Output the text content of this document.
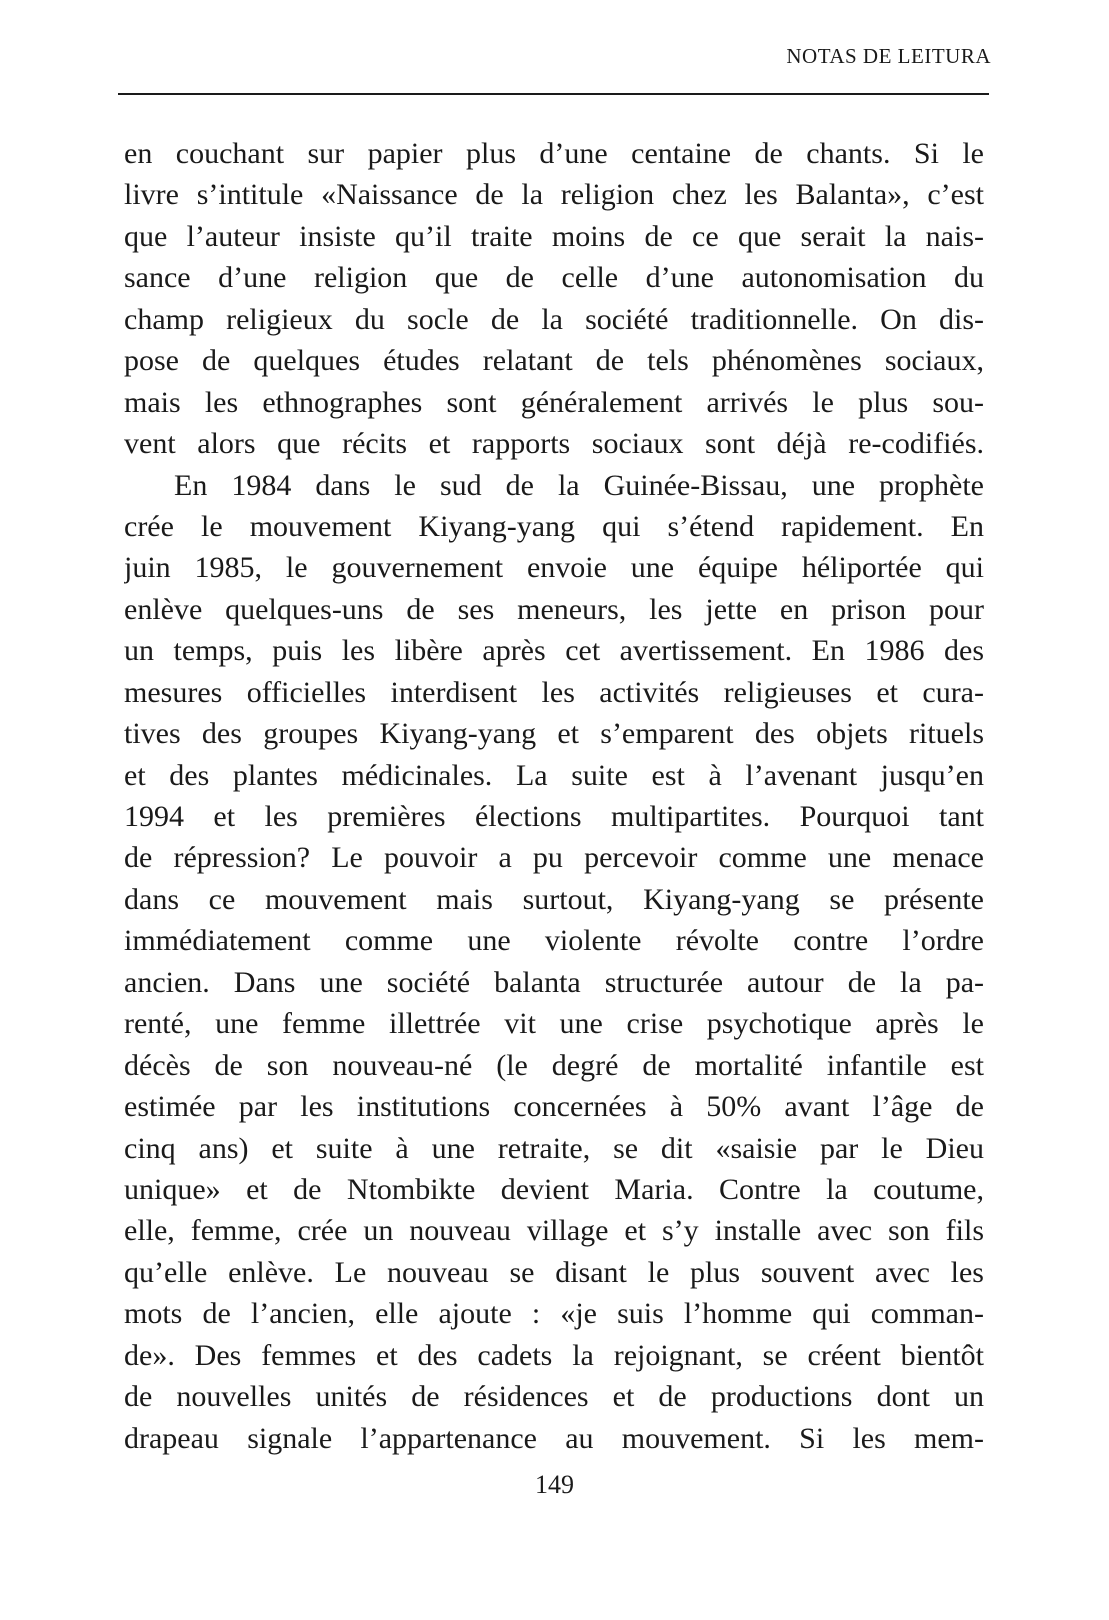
NOTAS DE LEITURA
en couchant sur papier plus d’une centaine de chants. Si le
livre s’intitule «Naissance de la religion chez les Balanta», c’est
que l’auteur insiste qu’il traite moins de ce que serait la nais-
sance d’une religion que de celle d’une autonomisation du
champ religieux du socle de la société traditionnelle. On dis-
pose de quelques études relatant de tels phénomènes sociaux,
mais les ethnographes sont généralement arrivés le plus sou-
vent alors que récits et rapports sociaux sont déjà re-codifiés.
En 1984 dans le sud de la Guinée-Bissau, une prophète
crée le mouvement Kiyang-yang qui s’étend rapidement. En
juin 1985, le gouvernement envoie une équipe héliportée qui
enlève quelques-uns de ses meneurs, les jette en prison pour
un temps, puis les libère après cet avertissement. En 1986 des
mesures officielles interdisent les activités religieuses et cura-
tives des groupes Kiyang-yang et s’emparent des objets rituels
et des plantes médicinales. La suite est à l’avenant jusqu’en
1994 et les premières élections multipartites. Pourquoi tant
de répression? Le pouvoir a pu percevoir comme une menace
dans ce mouvement mais surtout, Kiyang-yang se présente
immédiatement comme une violente révolte contre l’ordre
ancien. Dans une société balanta structurée autour de la pa-
renté, une femme illettrée vit une crise psychotique après le
décès de son nouveau-né (le degré de mortalité infantile est
estimée par les institutions concernées à 50% avant l’âge de
cinq ans) et suite à une retraite, se dit «saisie par le Dieu
unique» et de Ntombikte devient Maria. Contre la coutume,
elle, femme, crée un nouveau village et s’y installe avec son fils
qu’elle enlève. Le nouveau se disant le plus souvent avec les
mots de l’ancien, elle ajoute : «je suis l’homme qui comman-
de». Des femmes et des cadets la rejoignant, se créent bientôt
de nouvelles unités de résidences et de productions dont un
drapeau signale l’appartenance au mouvement. Si les mem-
149
